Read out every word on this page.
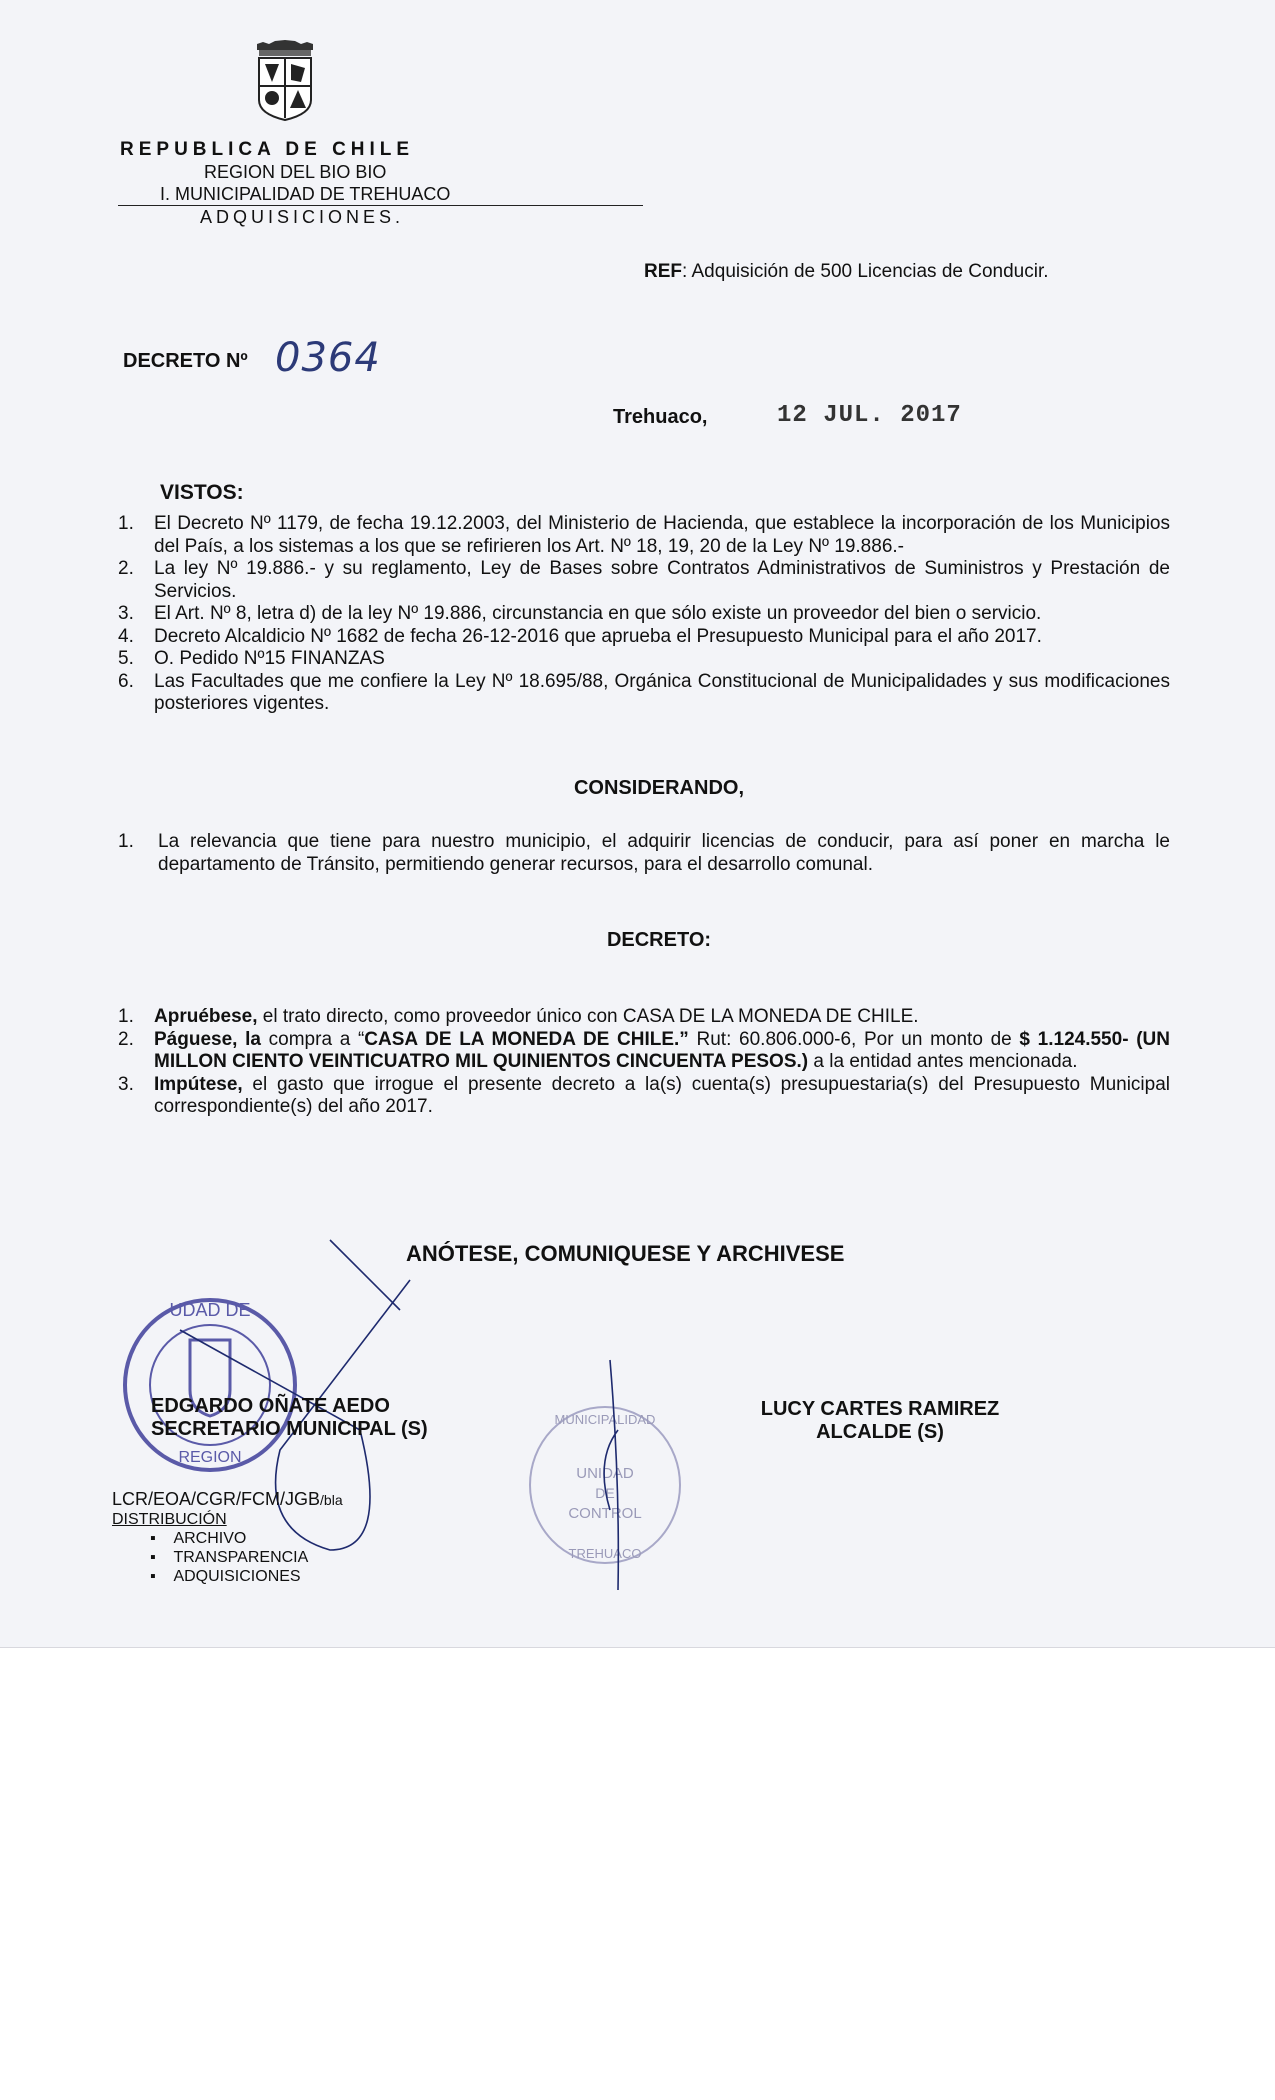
REPUBLICA DE CHILE
REGION DEL BIO BIO
I. MUNICIPALIDAD DE TREHUACO
ADQUISICIONES.
REF: Adquisición de 500 Licencias de Conducir.
DECRETO Nº 0364
Trehuaco,	12 JUL. 2017
VISTOS:
1.	El Decreto Nº 1179, de fecha 19.12.2003, del Ministerio de Hacienda, que establece la incorporación de los Municipios del País, a los sistemas a los que se refirieren los Art. Nº 18, 19, 20 de la Ley Nº 19.886.-
2.	La ley Nº 19.886.- y su reglamento, Ley de Bases sobre Contratos Administrativos de Suministros y Prestación de Servicios.
3.	El Art. Nº 8, letra d) de la ley Nº 19.886, circunstancia en que sólo existe un proveedor del bien o servicio.
4.	Decreto Alcaldicio Nº 1682 de fecha 26-12-2016 que aprueba el Presupuesto Municipal para el año 2017.
5.	O. Pedido Nº15 FINANZAS
6.	Las Facultades que me confiere la Ley Nº 18.695/88, Orgánica Constitucional de Municipalidades y sus modificaciones posteriores vigentes.
CONSIDERANDO,
1.	La relevancia que tiene para nuestro municipio, el adquirir licencias de conducir, para así poner en marcha le departamento de Tránsito, permitiendo generar recursos, para el desarrollo comunal.
DECRETO:
1.	Apruébese, el trato directo, como proveedor único con CASA DE LA MONEDA DE CHILE.
2.	Páguese, la compra a “CASA DE LA MONEDA DE CHILE.” Rut: 60.806.000-6, Por un monto de $ 1.124.550- (UN MILLON CIENTO VEINTICUATRO MIL QUINIENTOS CINCUENTA PESOS.) a la entidad antes mencionada.
3.	Impútese, el gasto que irrogue el presente decreto a la(s) cuenta(s) presupuestaria(s) del Presupuesto Municipal correspondiente(s) del año 2017.
ANÓTESE, COMUNIQUESE Y ARCHIVESE
UDAD DE
REGION
UNIDAD
DE
CONTROL
MUNICIPALIDAD
TREHUACO
EDGARDO OÑATE AEDO
SECRETARIO MUNICIPAL (S)
LUCY CARTES RAMIREZ
ALCALDE (S)
LCR/EOA/CGR/FCM/JGB/bla
DISTRIBUCIÓN
▪    ARCHIVO
▪    TRANSPARENCIA
▪    ADQUISICIONES
